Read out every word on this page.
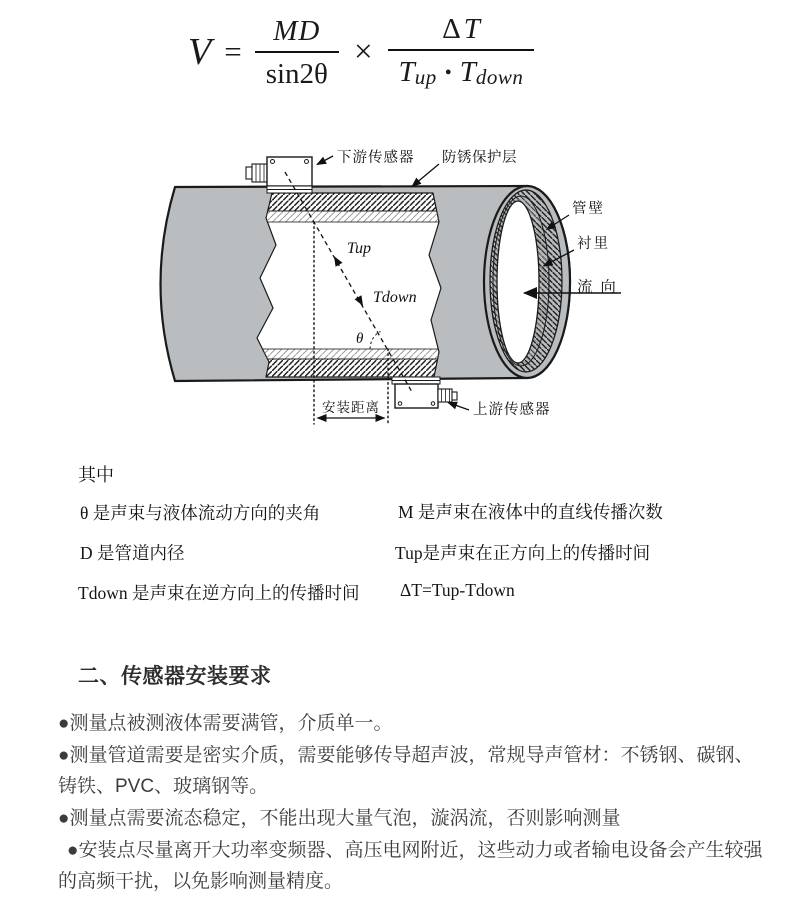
$V = \frac{MD}{\sin 2\theta} \times \frac{\text{Δ T}}{\text{T up • T down}}$
下游传感器 防锈保护层
管壁
衬里
流 向
上游传感器
安装距离
Tup
Tdown
θ
其中
θ 是声束与液体流动方向的夹角
D 是管道内径
Tdown 是声束在逆方向上的传播时间
M 是声束在液体中的直线传播次数
Tup是声束在正方向上的传播时间
ΔT=Tup-Tdown
二、传感器安装要求
●测量点被测液体需要满管，介质单一。
●测量管道需要是密实介质，需要能够传导超声波，常规导声管材：不锈钢、碳钢、
铸铁、PVC、玻璃钢等。
●测量点需要流态稳定，不能出现大量气泡，漩涡流，否则影响测量
●安装点尽量离开大功率变频器、高压电网附近，这些动力或者输电设备会产生较强
的高频干扰，以免影响测量精度。
